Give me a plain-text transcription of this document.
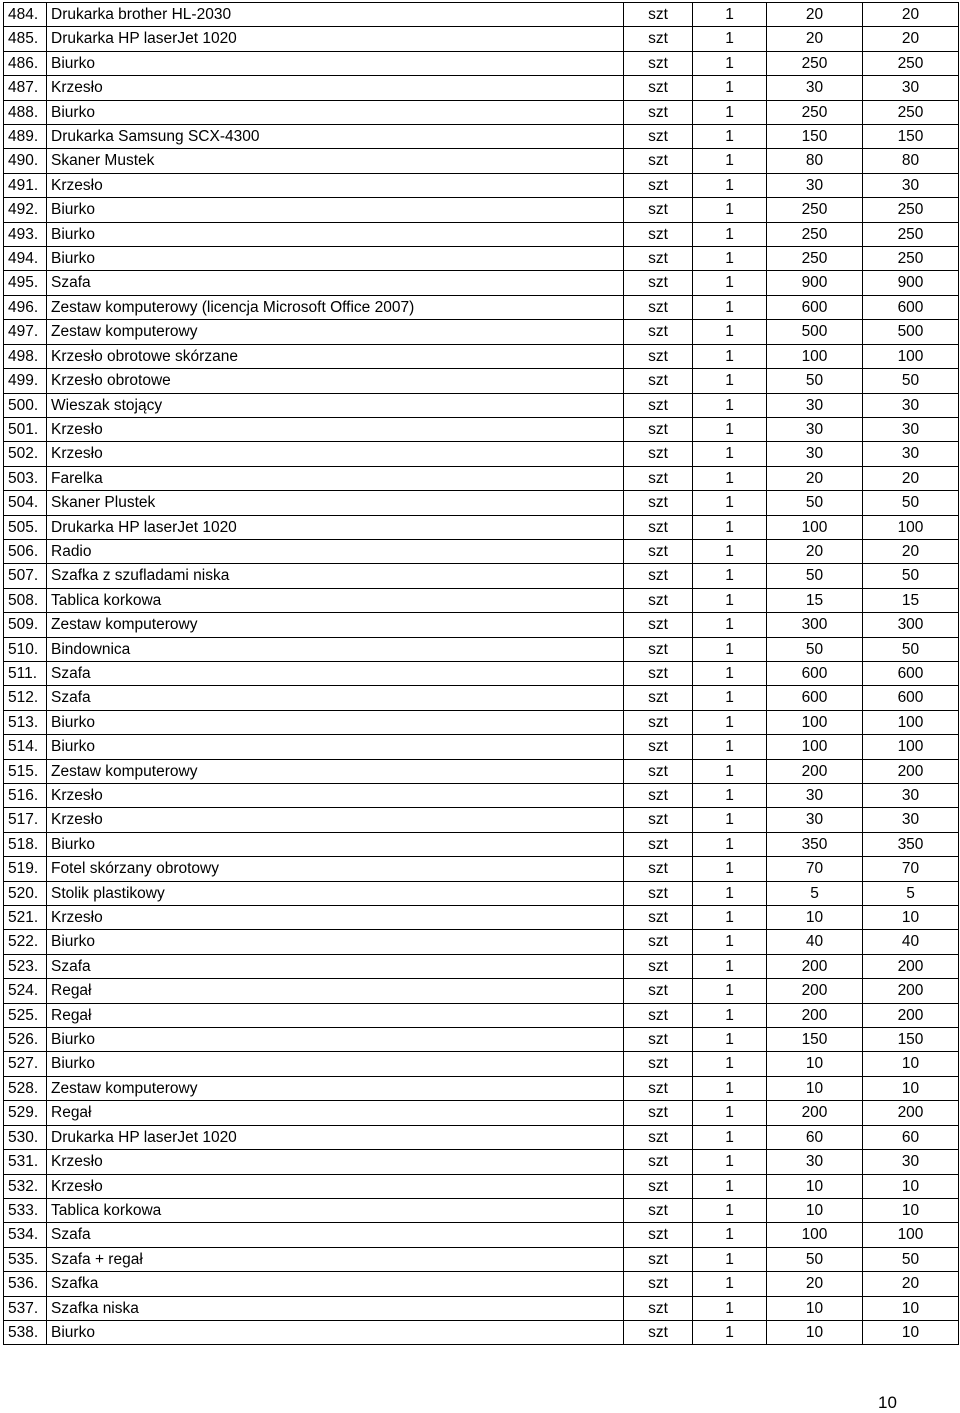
484.	Drukarka brother HL-2030	szt	1	20	20
485.	Drukarka HP laserJet 1020	szt	1	20	20
486.	Biurko	szt	1	250	250
487.	Krzesło	szt	1	30	30
488.	Biurko	szt	1	250	250
489.	Drukarka Samsung SCX-4300	szt	1	150	150
490.	Skaner Mustek	szt	1	80	80
491.	Krzesło	szt	1	30	30
492.	Biurko	szt	1	250	250
493.	Biurko	szt	1	250	250
494.	Biurko	szt	1	250	250
495.	Szafa	szt	1	900	900
496.	Zestaw komputerowy (licencja Microsoft Office 2007)	szt	1	600	600
497.	Zestaw komputerowy	szt	1	500	500
498.	Krzesło obrotowe skórzane	szt	1	100	100
499.	Krzesło obrotowe	szt	1	50	50
500.	Wieszak stojący	szt	1	30	30
501.	Krzesło	szt	1	30	30
502.	Krzesło	szt	1	30	30
503.	Farelka	szt	1	20	20
504.	Skaner Plustek	szt	1	50	50
505.	Drukarka HP laserJet 1020	szt	1	100	100
506.	Radio	szt	1	20	20
507.	Szafka z szufladami niska	szt	1	50	50
508.	Tablica korkowa	szt	1	15	15
509.	Zestaw komputerowy	szt	1	300	300
510.	Bindownica	szt	1	50	50
511.	Szafa	szt	1	600	600
512.	Szafa	szt	1	600	600
513.	Biurko	szt	1	100	100
514.	Biurko	szt	1	100	100
515.	Zestaw komputerowy	szt	1	200	200
516.	Krzesło	szt	1	30	30
517.	Krzesło	szt	1	30	30
518.	Biurko	szt	1	350	350
519.	Fotel skórzany obrotowy	szt	1	70	70
520.	Stolik plastikowy	szt	1	5	5
521.	Krzesło	szt	1	10	10
522.	Biurko	szt	1	40	40
523.	Szafa	szt	1	200	200
524.	Regał	szt	1	200	200
525.	Regał	szt	1	200	200
526.	Biurko	szt	1	150	150
527.	Biurko	szt	1	10	10
528.	Zestaw komputerowy	szt	1	10	10
529.	Regał	szt	1	200	200
530.	Drukarka HP laserJet 1020	szt	1	60	60
531.	Krzesło	szt	1	30	30
532.	Krzesło	szt	1	10	10
533.	Tablica korkowa	szt	1	10	10
534.	Szafa	szt	1	100	100
535.	Szafa + regał	szt	1	50	50
536.	Szafka	szt	1	20	20
537.	Szafka niska	szt	1	10	10
538.	Biurko	szt	1	10	10
10
